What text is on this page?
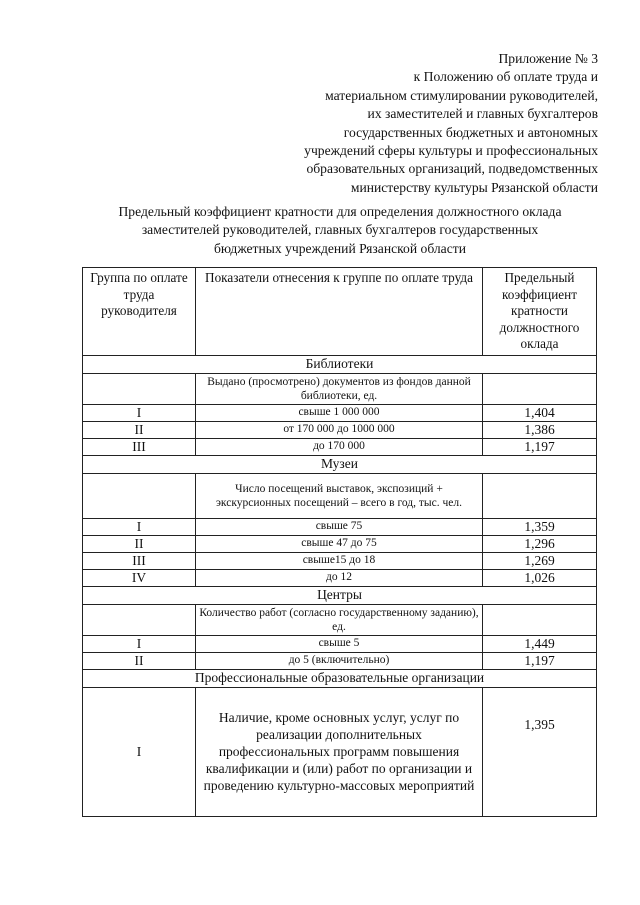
Приложение № 3
к Положению об оплате труда и
материальном стимулировании руководителей,
их заместителей и главных бухгалтеров
государственных бюджетных и автономных
учреждений сферы культуры и профессиональных
образовательных организаций, подведомственных
министерству культуры Рязанской области
Предельный коэффициент кратности для определения должностного оклада
заместителей руководителей, главных бухгалтеров государственных
бюджетных учреждений Рязанской области
Группа по оплате труда руководителя	Показатели отнесения к группе по оплате труда	Предельный коэффициент кратности должностного оклада
Библиотеки		
	Выдано (просмотрено) документов из фондов данной библиотеки, ед.	
I	свыше 1 000 000	1,404
II	от 170 000 до 1000 000	1,386
III	до 170 000	1,197
Музеи		
	Число посещений выставок, экспозиций + экскурсионных посещений – всего в год, тыс. чел.	
I	свыше 75	1,359
II	свыше 47 до 75	1,296
III	свыше15 до 18	1,269
IV	до 12	1,026
Центры		
	Количество работ (согласно государственному заданию), ед.	
I	свыше 5	1,449
II	до 5 (включительно)	1,197
Профессиональные образовательные организации		
I	Наличие, кроме основных услуг, услуг по реализации дополнительных профессиональных программ повышения квалификации и (или) работ по организации и проведению культурно-массовых мероприятий	1,395
